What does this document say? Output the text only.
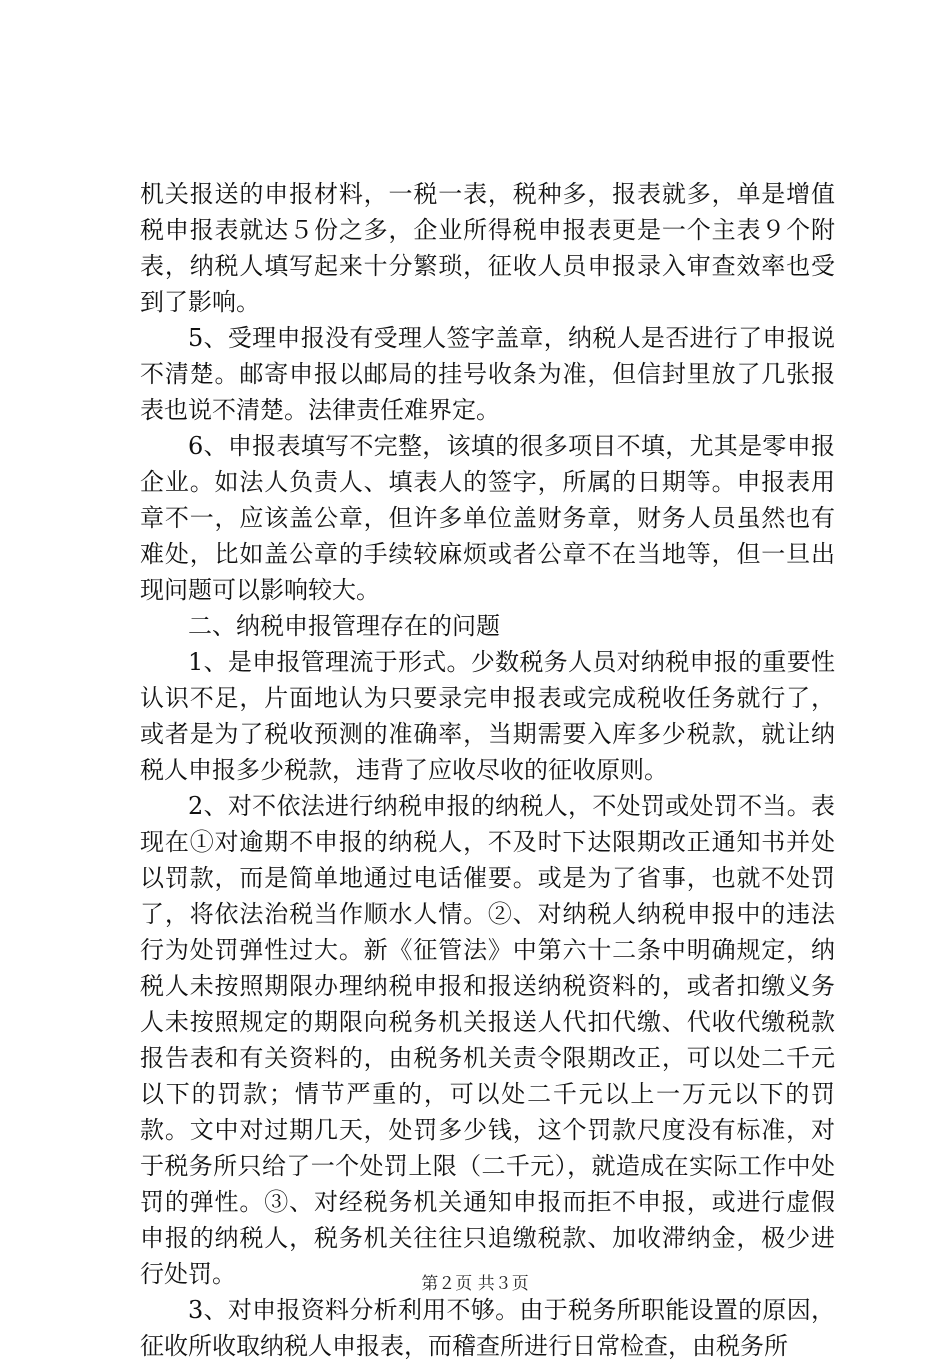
机关报送的申报材料，一税一表，税种多，报表就多，单是增值税申报表就达５份之多，企业所得税申报表更是一个主表９个附表，纳税人填写起来十分繁琐，征收人员申报录入审查效率也受到了影响。

5、受理申报没有受理人签字盖章，纳税人是否进行了申报说不清楚。邮寄申报以邮局的挂号收条为准，但信封里放了几张报表也说不清楚。法律责任难界定。

6、申报表填写不完整，该填的很多项目不填，尤其是零申报企业。如法人负责人、填表人的签字，所属的日期等。申报表用章不一，应该盖公章，但许多单位盖财务章，财务人员虽然也有难处，比如盖公章的手续较麻烦或者公章不在当地等，但一旦出现问题可以影响较大。

二、纳税申报管理存在的问题

1、是申报管理流于形式。少数税务人员对纳税申报的重要性认识不足，片面地认为只要录完申报表或完成税收任务就行了，或者是为了税收预测的准确率，当期需要入库多少税款，就让纳税人申报多少税款，违背了应收尽收的征收原则。

2、对不依法进行纳税申报的纳税人，不处罚或处罚不当。表现在①对逾期不申报的纳税人，不及时下达限期改正通知书并处以罚款，而是简单地通过电话催要。或是为了省事，也就不处罚了，将依法治税当作顺水人情。②、对纳税人纳税申报中的违法行为处罚弹性过大。新《征管法》中第六十二条中明确规定，纳税人未按照期限办理纳税申报和报送纳税资料的，或者扣缴义务人未按照规定的期限向税务机关报送人代扣代缴、代收代缴税款报告表和有关资料的，由税务机关责令限期改正，可以处二千元以下的罚款；情节严重的，可以处二千元以上一万元以下的罚款。文中对过期几天，处罚多少钱，这个罚款尺度没有标准，对于税务所只给了一个处罚上限（二千元），就造成在实际工作中处罚的弹性。③、对经税务机关通知申报而拒不申报，或进行虚假申报的纳税人，税务机关往往只追缴税款、加收滞纳金，极少进行处罚。

3、对申报资料分析利用不够。由于税务所职能设置的原因，征收所收取纳税人申报表，而稽查所进行日常检查，由税务所

第２页 共３页
